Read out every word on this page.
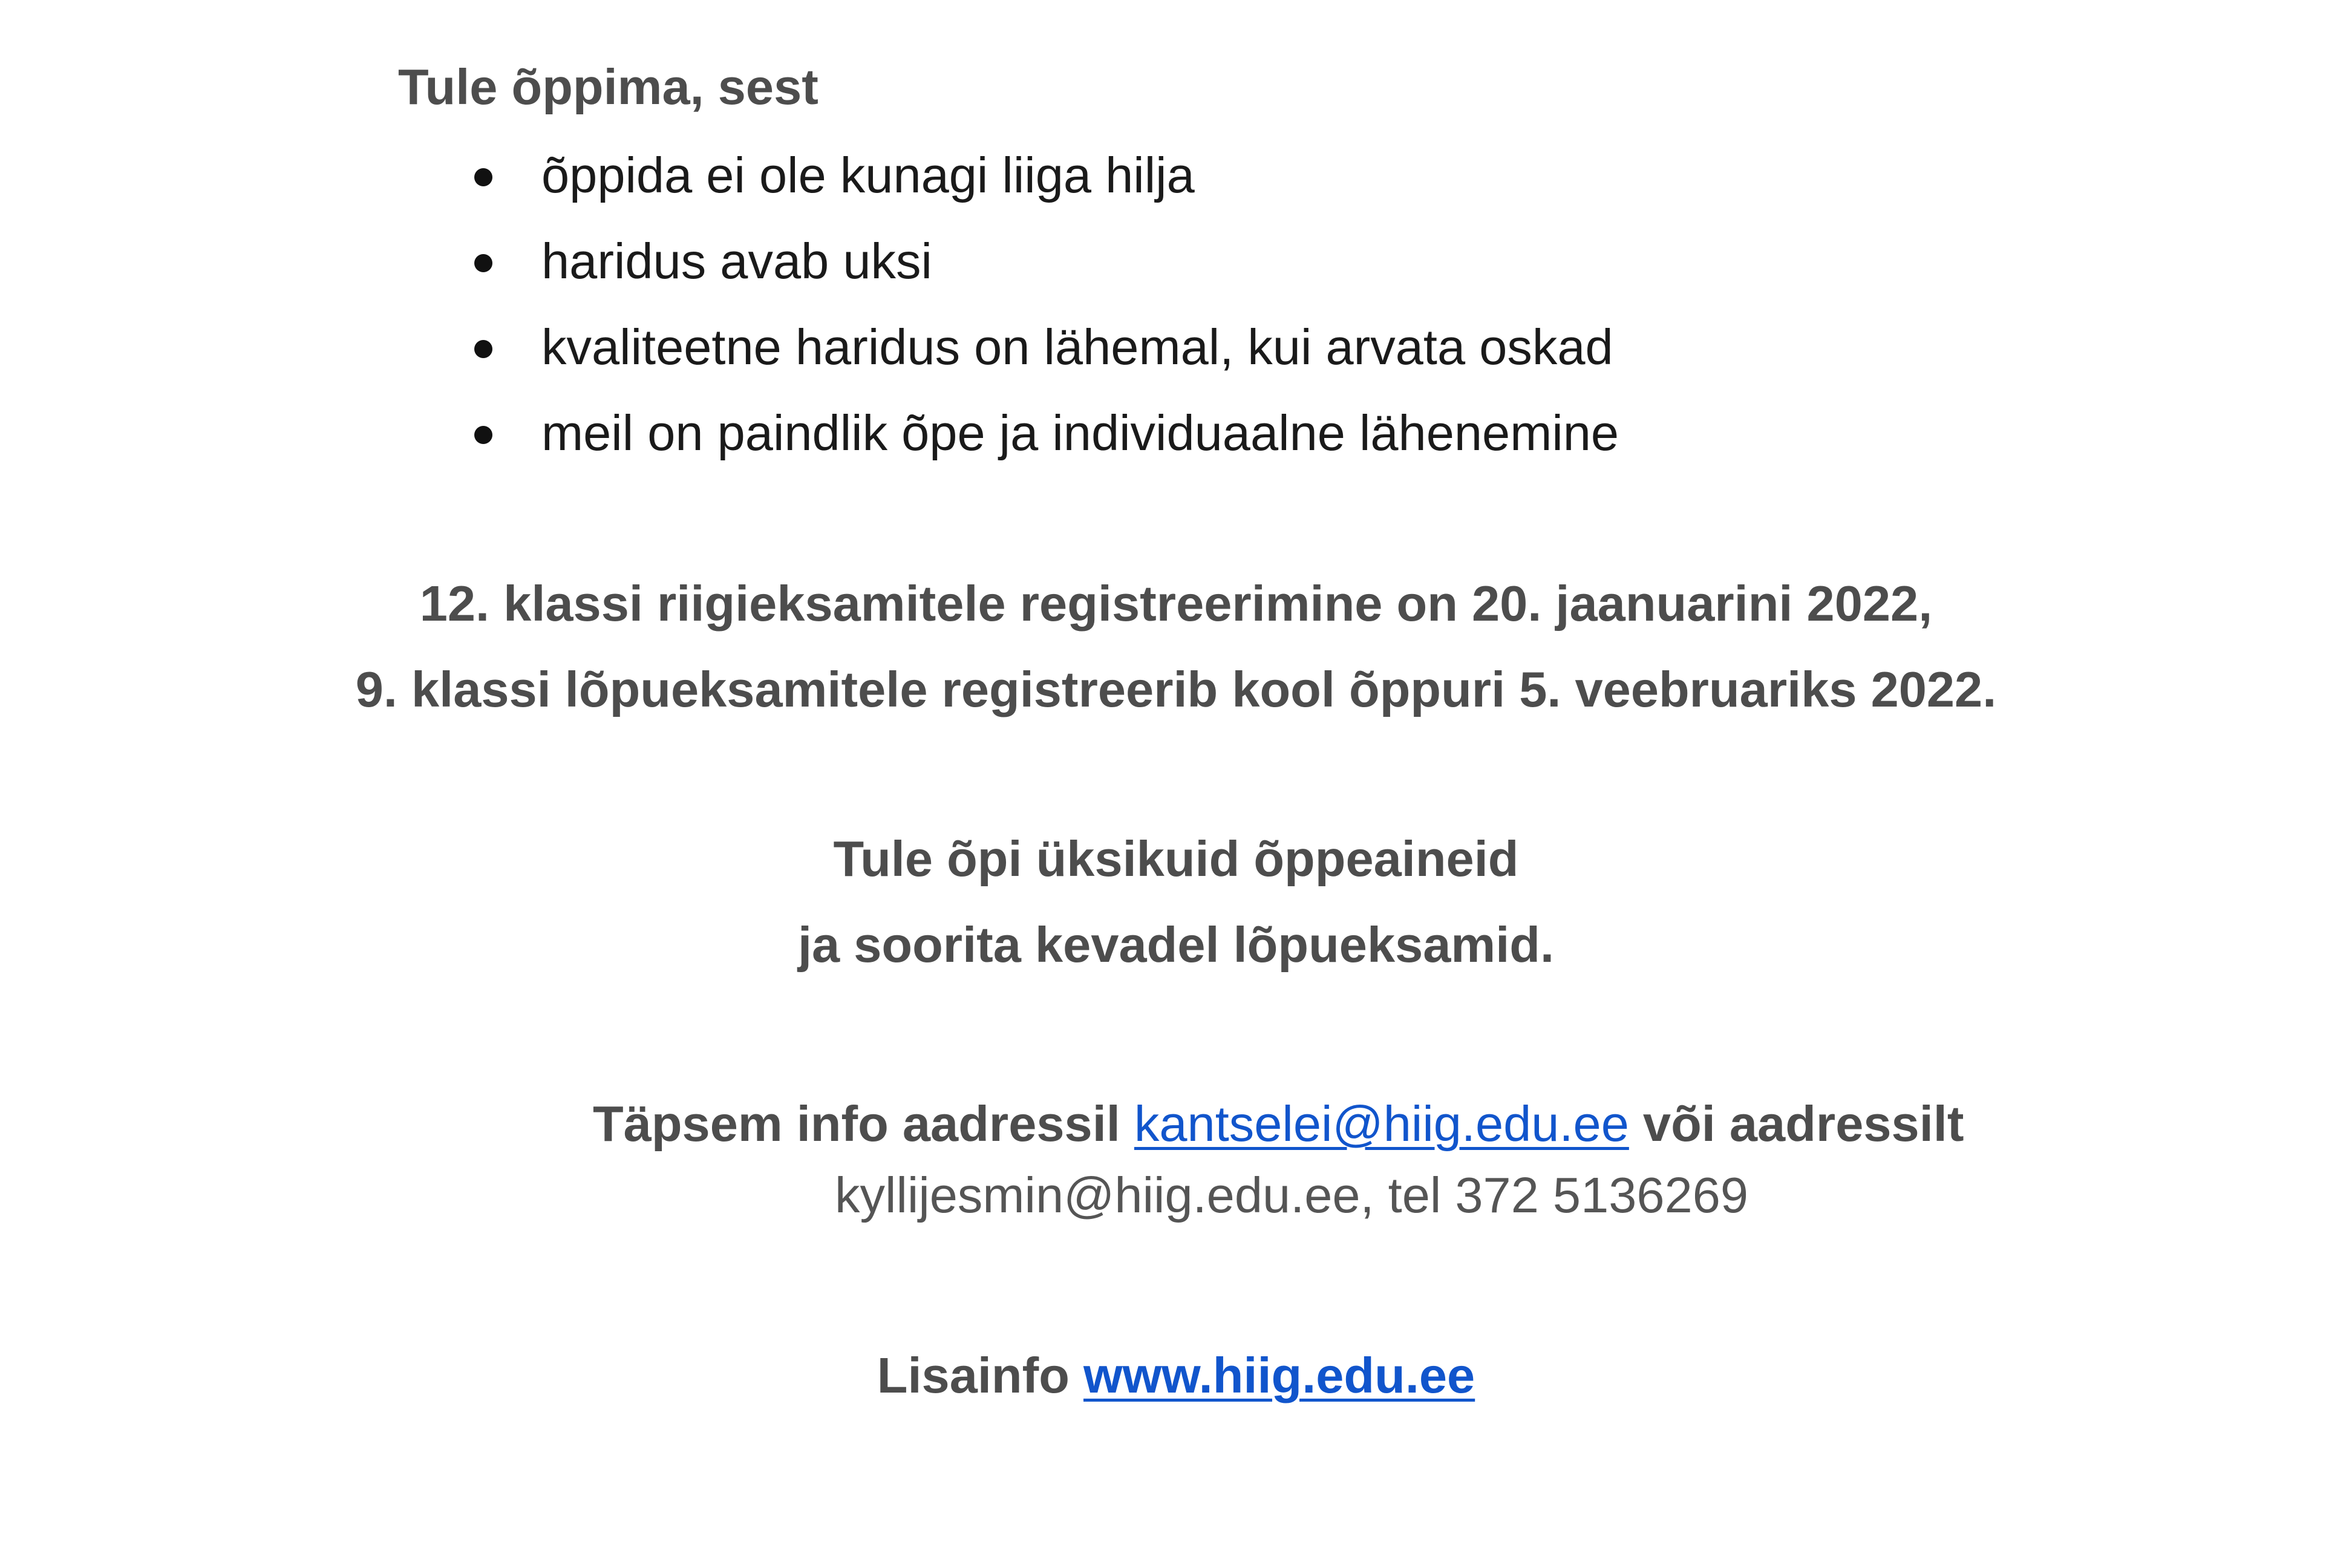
Tule õppima, sest
õppida ei ole kunagi liiga hilja
haridus avab uksi
kvaliteetne haridus on lähemal, kui arvata oskad
meil on paindlik õpe ja individuaalne lähenemine
12. klassi riigieksamitele registreerimine on 20. jaanuarini 2022,
9. klassi lõpueksamitele registreerib kool õppuri 5. veebruariks 2022.
Tule õpi üksikuid õppeaineid
ja soorita kevadel lõpueksamid.
Täpsem info aadressil kantselei@hiig.edu.ee või aadressilt
kyllijesmin@hiig.edu.ee, tel 372 5136269
Lisainfo www.hiig.edu.ee
